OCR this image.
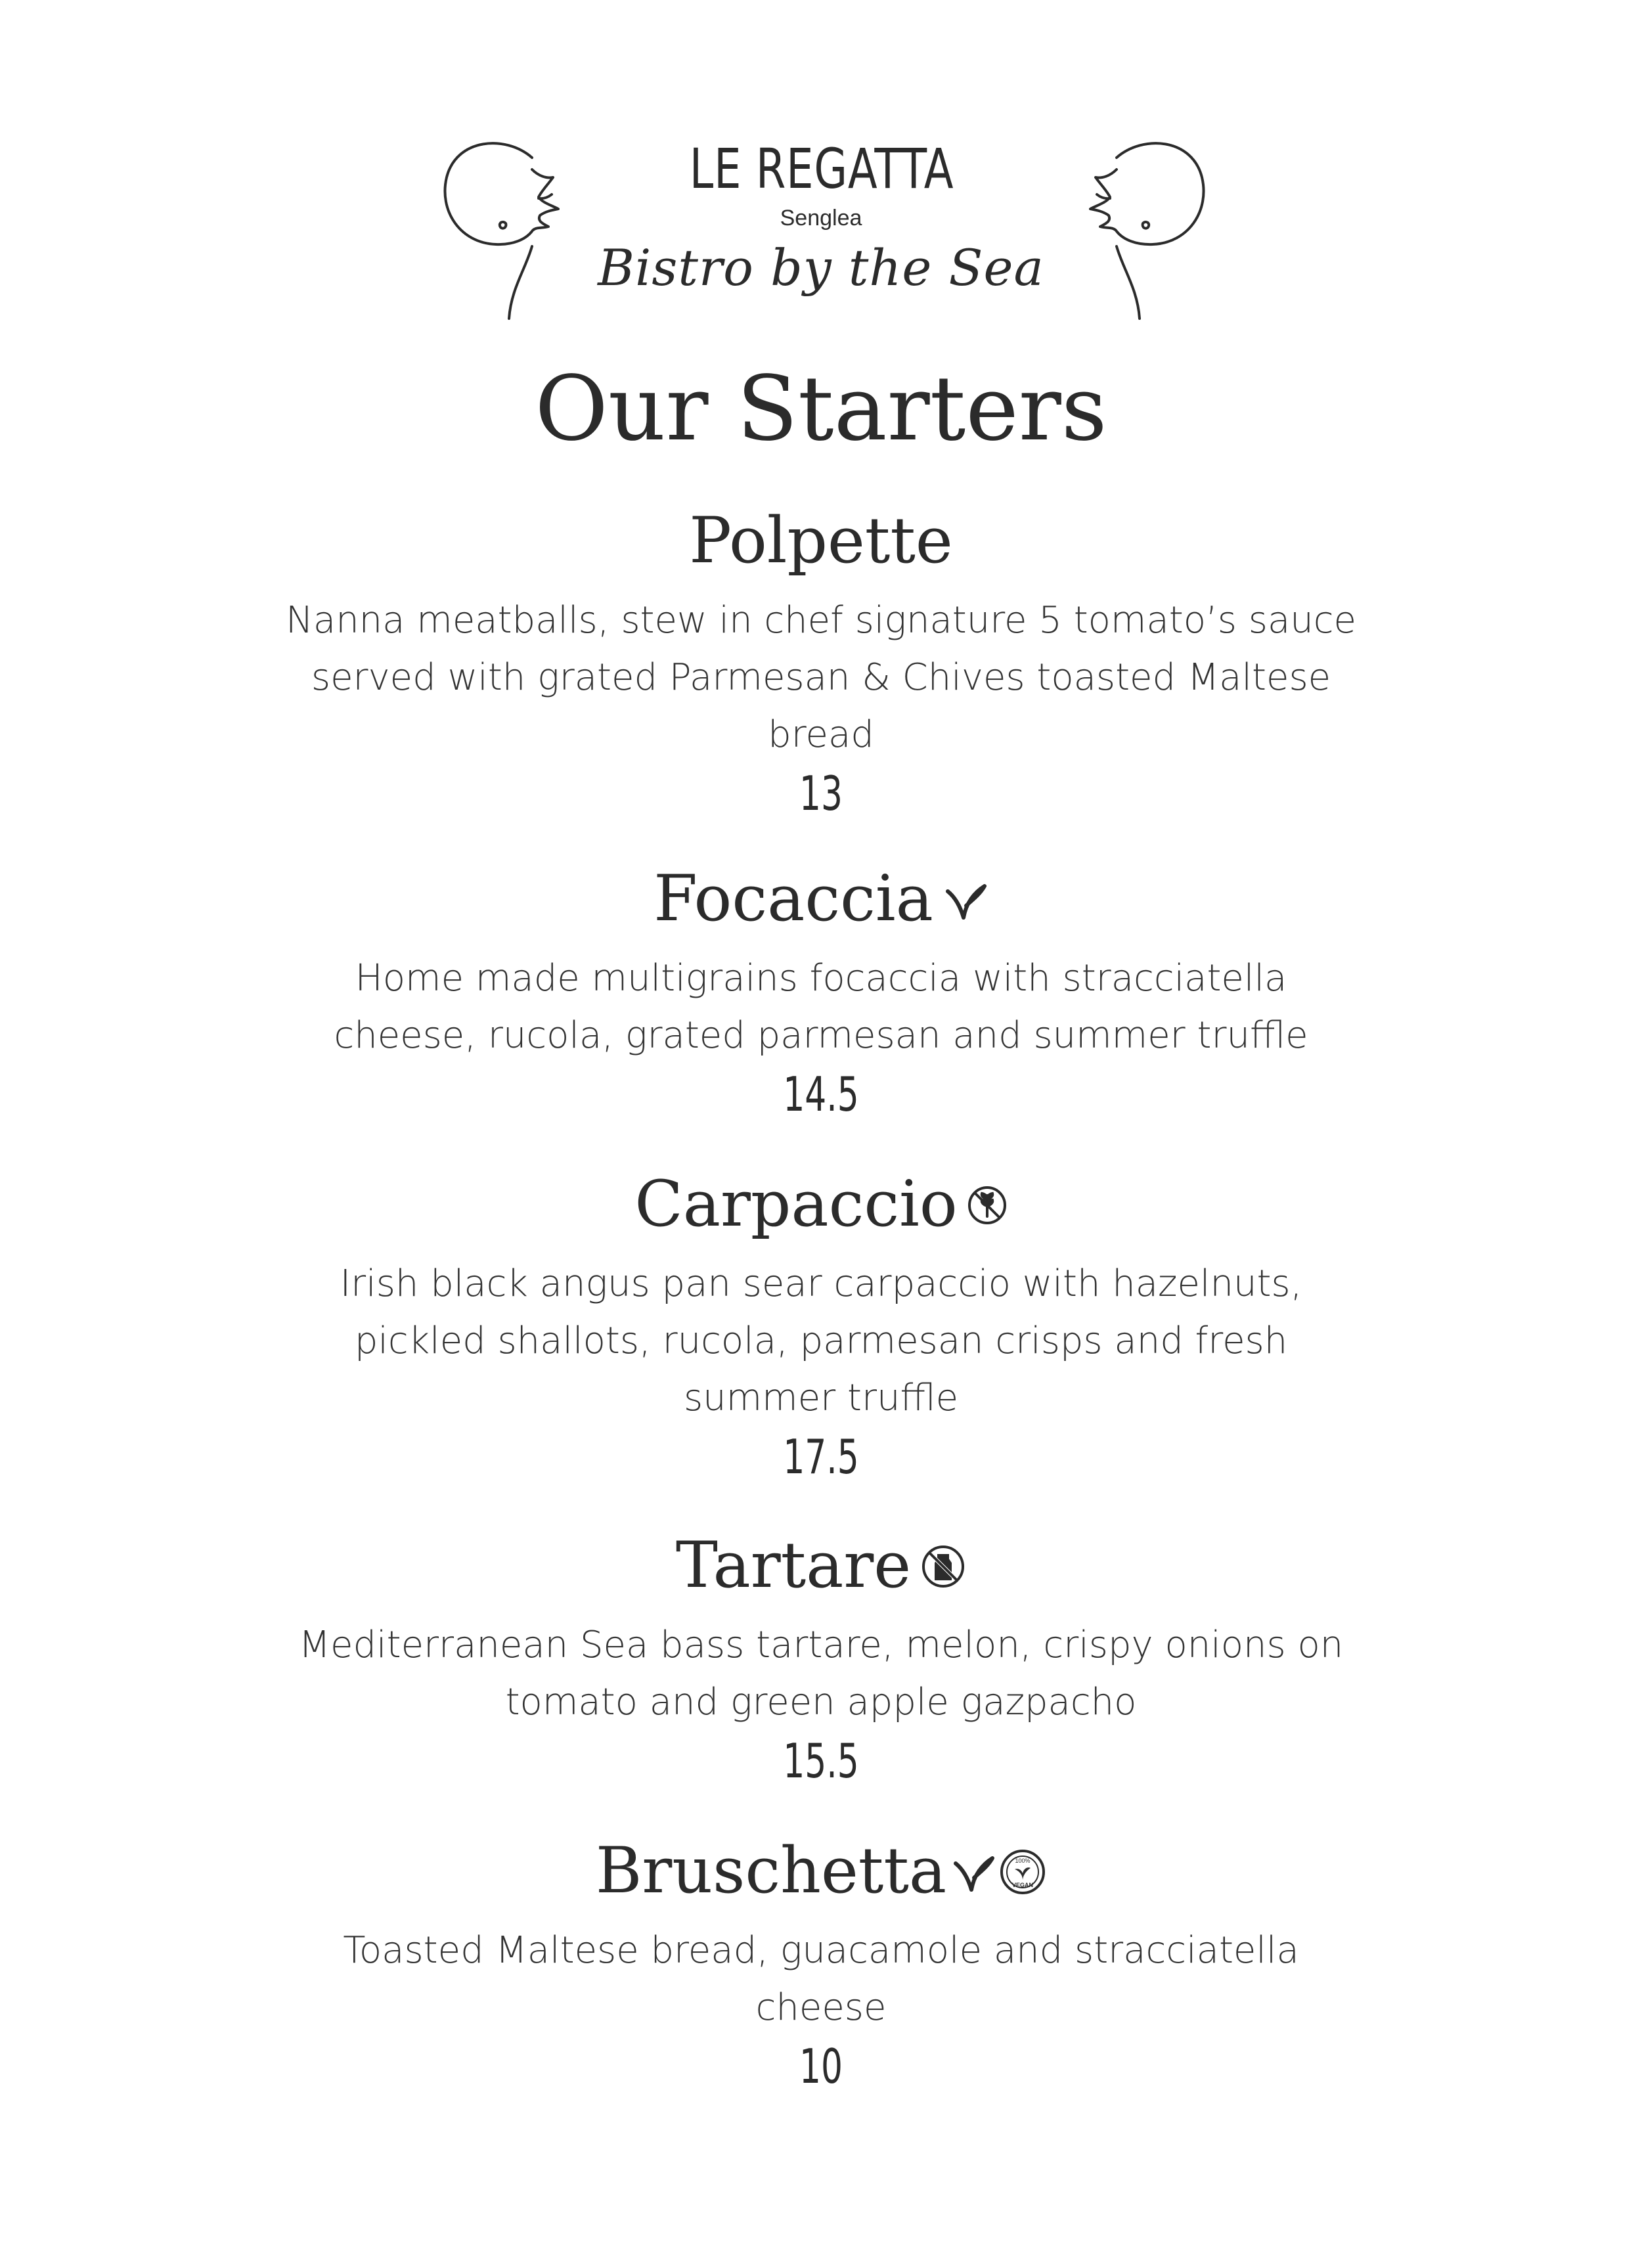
LE REGATTA
Senglea
Bistro by the Sea
Our Starters
Polpette
Nanna meatballs, stew in chef signature 5 tomato’s sauce served with grated Parmesan & Chives toasted Maltese bread
13
Focaccia
Home made multigrains focaccia with stracciatella cheese, rucola, grated parmesan and summer truffle
14.5
Carpaccio
Irish black angus pan sear carpaccio with hazelnuts, pickled shallots, rucola, parmesan crisps and fresh summer truffle
17.5
Tartare
Mediterranean Sea bass tartare, melon, crispy onions on tomato and green apple gazpacho
15.5
Bruschetta	100%
VEGAN
Toasted Maltese bread, guacamole and stracciatella cheese
10
